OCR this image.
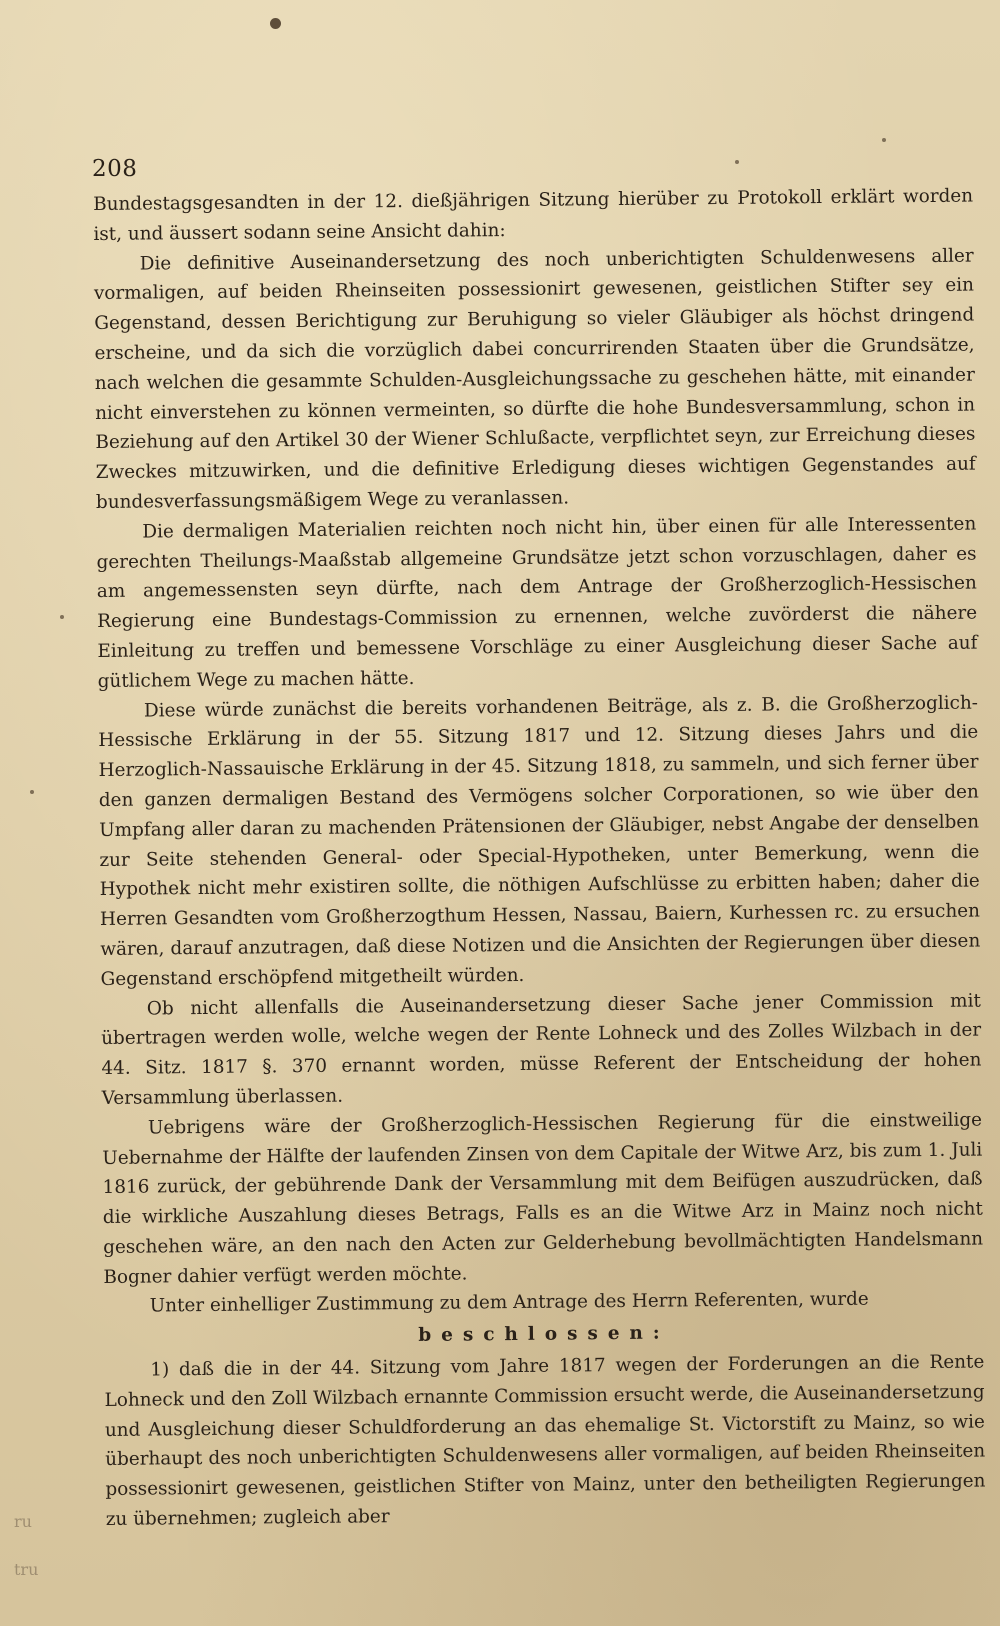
208

Bundestagsgesandten in der 12. dießjährigen Sitzung hierüber zu Protokoll erklärt worden ist, und äussert sodann seine Ansicht dahin:

Die definitive Auseinandersetzung des noch unberichtigten Schuldenwesens aller vormaligen, auf beiden Rheinseiten possessionirt gewesenen, geistlichen Stifter sey ein Gegenstand, dessen Berichtigung zur Beruhigung so vieler Gläubiger als höchst dringend erscheine, und da sich die vorzüglich dabei concurrirenden Staaten über die Grundsätze, nach welchen die gesammte Schulden-Ausgleichungssache zu geschehen hätte, mit einander nicht einverstehen zu können vermeinten, so dürfte die hohe Bundesversammlung, schon in Beziehung auf den Artikel 30 der Wiener Schlußacte, verpflichtet seyn, zur Erreichung dieses Zweckes mitzuwirken, und die definitive Erledigung dieses wichtigen Gegenstandes auf bundesverfassungsmäßigem Wege zu veranlassen.

Die dermaligen Materialien reichten noch nicht hin, über einen für alle Interessenten gerechten Theilungs-Maaßstab allgemeine Grundsätze jetzt schon vorzuschlagen, daher es am angemessensten seyn dürfte, nach dem Antrage der Großherzoglich-Hessischen Regierung eine Bundestags-Commission zu ernennen, welche zuvörderst die nähere Einleitung zu treffen und bemessene Vorschläge zu einer Ausgleichung dieser Sache auf gütlichem Wege zu machen hätte.

Diese würde zunächst die bereits vorhandenen Beiträge, als z. B. die Großherzoglich-Hessische Erklärung in der 55. Sitzung 1817 und 12. Sitzung dieses Jahrs und die Herzoglich-Nassauische Erklärung in der 45. Sitzung 1818, zu sammeln, und sich ferner über den ganzen dermaligen Bestand des Vermögens solcher Corporationen, so wie über den Umpfang aller daran zu machenden Prätensionen der Gläubiger, nebst Angabe der denselben zur Seite stehenden General- oder Special-Hypotheken, unter Bemerkung, wenn die Hypothek nicht mehr existiren sollte, die nöthigen Aufschlüsse zu erbitten haben; daher die Herren Gesandten vom Großherzogthum Hessen, Nassau, Baiern, Kurhessen rc. zu ersuchen wären, darauf anzutragen, daß diese Notizen und die Ansichten der Regierungen über diesen Gegenstand erschöpfend mitgetheilt würden.

Ob nicht allenfalls die Auseinandersetzung dieser Sache jener Commission mit übertragen werden wolle, welche wegen der Rente Lohneck und des Zolles Wilzbach in der 44. Sitz. 1817 §. 370 ernannt worden, müsse Referent der Entscheidung der hohen Versammlung überlassen.

Uebrigens wäre der Großherzoglich-Hessischen Regierung für die einstweilige Uebernahme der Hälfte der laufenden Zinsen von dem Capitale der Witwe Arz, bis zum 1. Juli 1816 zurück, der gebührende Dank der Versammlung mit dem Beifügen auszudrücken, daß die wirkliche Auszahlung dieses Betrags, Falls es an die Witwe Arz in Mainz noch nicht geschehen wäre, an den nach den Acten zur Gelderhebung bevollmächtigten Handelsmann Bogner dahier verfügt werden möchte.

Unter einhelliger Zustimmung zu dem Antrage des Herrn Referenten, wurde

beschlossen:

1) daß die in der 44. Sitzung vom Jahre 1817 wegen der Forderungen an die Rente Lohneck und den Zoll Wilzbach ernannte Commission ersucht werde, die Auseinandersetzung und Ausgleichung dieser Schuldforderung an das ehemalige St. Victorstift zu Mainz, so wie überhaupt des noch unberichtigten Schuldenwesens aller vormaligen, auf beiden Rheinseiten possessionirt gewesenen, geistlichen Stifter von Mainz, unter den betheiligten Regierungen zu übernehmen; zugleich aber

ru
tru
